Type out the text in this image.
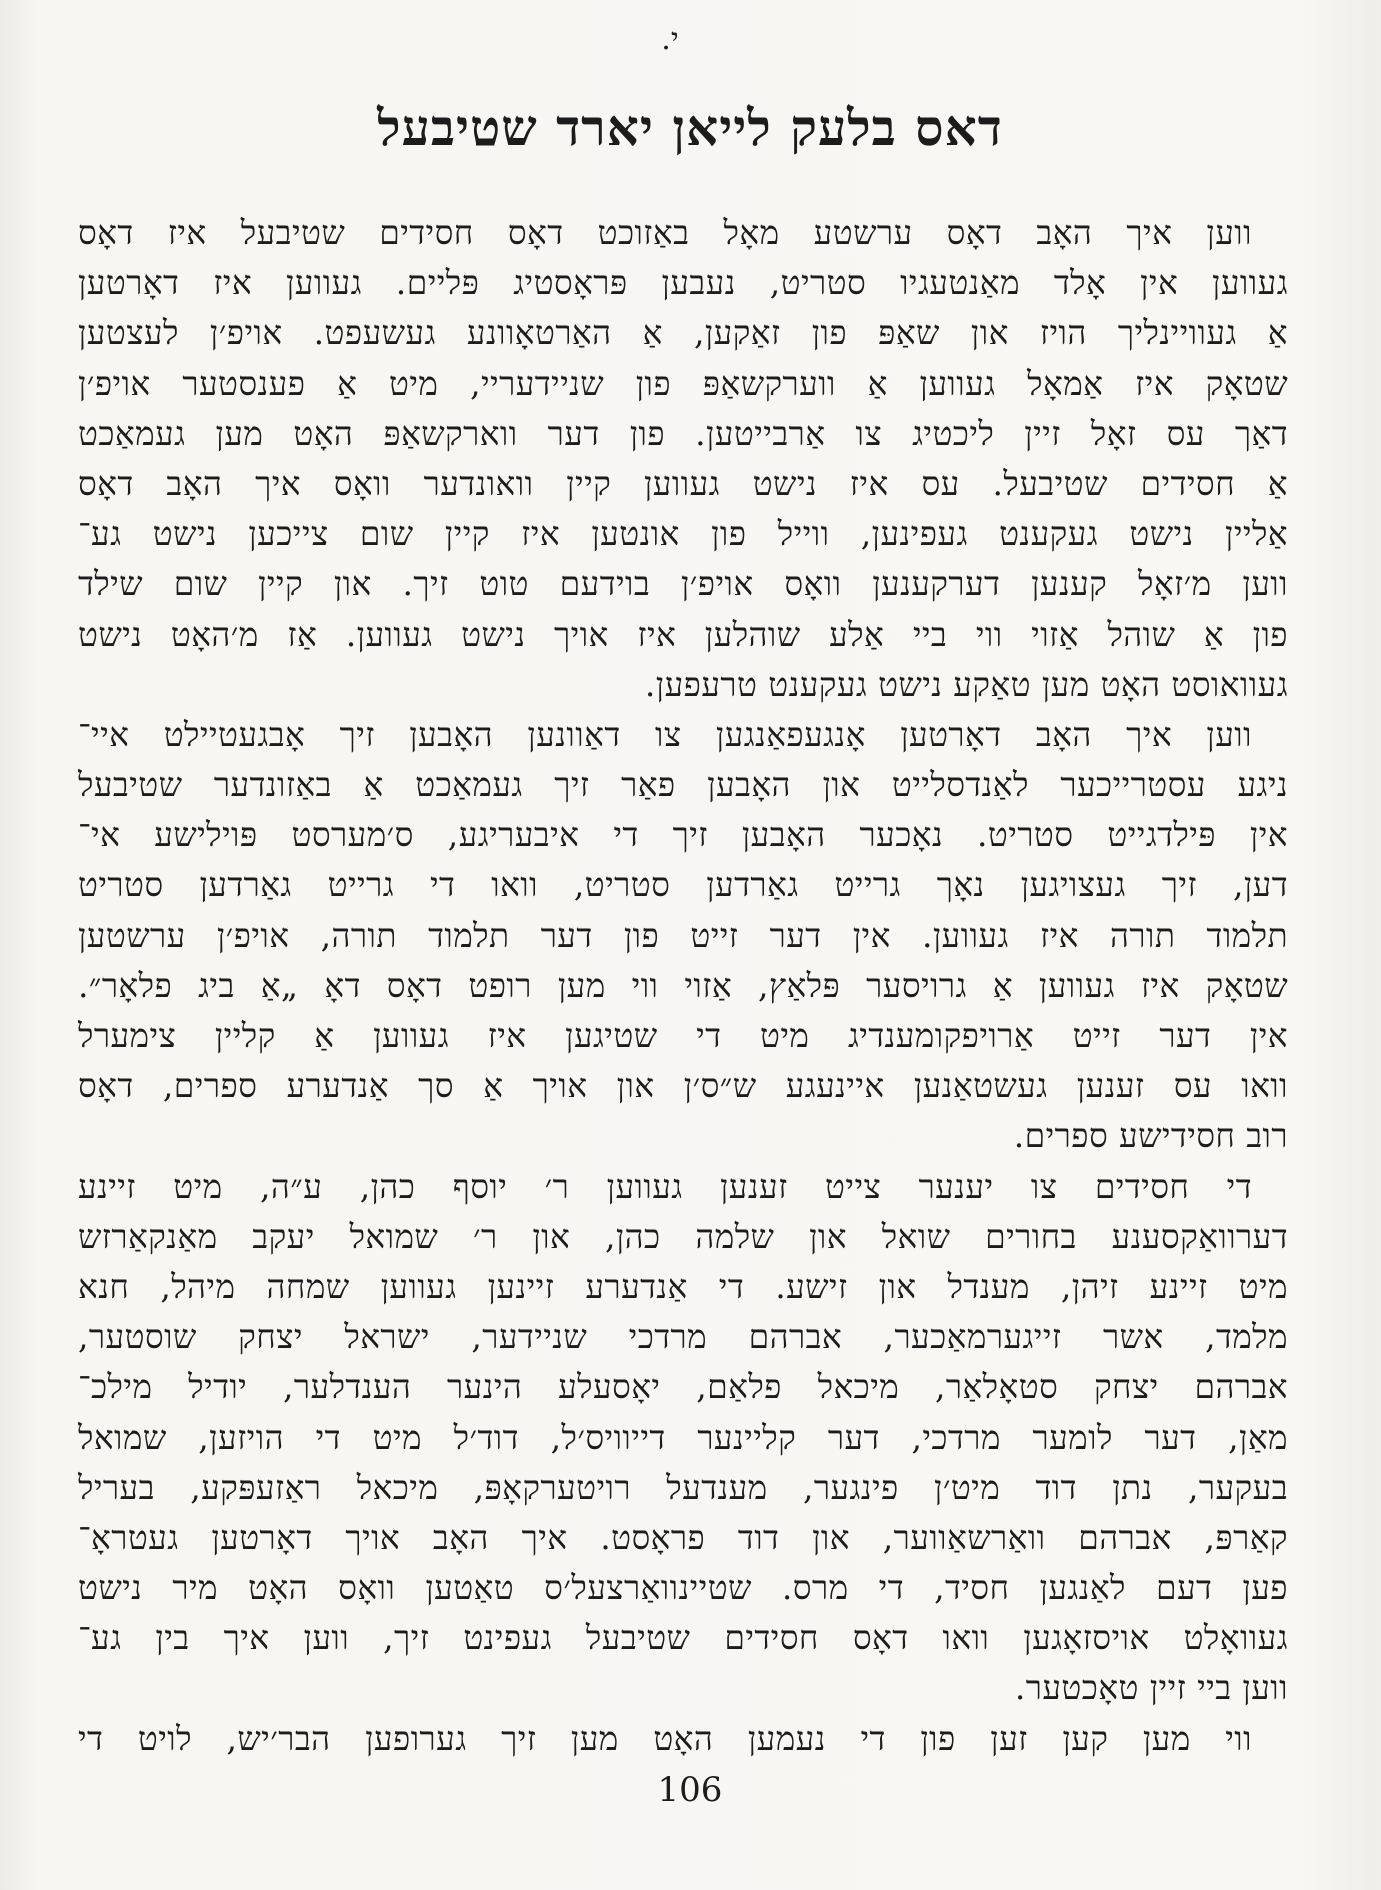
י.
דאס בלעק לייאן יארד שטיבעל
ווען איך האָב דאָס ערשטע מאָל באַזוכט דאָס חסידים שטיבעל איז דאָס
געווען אין אָלד מאַנטעגיו סטריט, נעבען פּראָסטיג פּליים. געווען איז דאָרטען
אַ געוויינליך הויז און שאַפּ פון זאַקען, אַ האַרטאָוונע געשעפט. אויפ׳ן לעצטען
שטאָק איז אַמאָל געווען אַ ווערקשאַפּ פון שניידעריי, מיט אַ פענסטער אויפ׳ן
דאַך עס זאָל זיין ליכטיג צו אַרבייטען. פון דער ווארקשאַפּ האָט מען געמאַכט
אַ חסידים שטיבעל. עס איז נישט געווען קיין וואונדער וואָס איך האָב דאָס
אַליין נישט געקענט געפינען, ווייל פון אונטען איז קיין שום צייכען נישט גע־
ווען מ׳זאָל קענען דערקענען וואָס אויפ׳ן בוידעם טוט זיך. און קיין שום שילד
פון אַ שוהל אַזוי ווי ביי אַלע שוהלען איז אויך נישט געווען. אַז מ׳האָט נישט
געוואוסט האָט מען טאַקע נישט געקענט טרעפען.
ווען איך האָב דאָרטען אָנגעפאַנגען צו דאַוונען האָבען זיך אָבגעטיילט איי־
ניגע עסטרייכער לאַנדסלייט און האָבען פאַר זיך געמאַכט אַ באַזונדער שטיבעל
אין פּילדגייט סטריט. נאָכער האָבען זיך די איבעריגע, ס׳מערסט פּוילישע אי־
דען, זיך געצויגען נאָך גרייט גאַרדען סטריט, וואו די גרייט גאַרדען סטריט
תלמוד תורה איז געווען. אין דער זייט פון דער תלמוד תורה, אויפ׳ן ערשטען
שטאָק איז געווען אַ גרויסער פּלאַץ, אַזוי ווי מען רופט דאָס דאָ „אַ ביג פלאָר״.
אין דער זייט אַרויפקומענדיג מיט די שטיגען איז געווען אַ קליין צימערל
וואו עס זענען געשטאַנען איינעגע ש״ס׳ן און אויך אַ סך אַנדערע ספרים, דאָס
רוב חסידישע ספרים.
די חסידים צו יענער צייט זענען געווען ר׳ יוסף כהן, ע״ה, מיט זיינע
דערוואַקסענע בחורים שואל און שלמה כהן, און ר׳ שמואל יעקב מאַנקאַרזש
מיט זיינע זיהן, מענדל און זישע. די אַנדערע זיינען געווען שמחה מיהל, חנא
מלמד, אשר זייגערמאַכער, אברהם מרדכי שניידער, ישראל יצחק שוסטער,
אברהם יצחק סטאָלאַר, מיכאל פלאַם, יאָסעלע הינער הענדלער, יודיל מילכ־
מאַן, דער לומער מרדכי, דער קליינער דייוויס׳ל, דוד׳ל מיט די הויזען, שמואל
בעקער, נתן דוד מיט׳ן פינגער, מענדעל רויטערקאָפּ, מיכאל ראַזעפּקע, בעריל
קאַרפּ, אברהם וואַרשאַווער, און דוד פראָסט. איך האָב אויך דאָרטען געטראָ־
פען דעם לאַנגען חסיד, די מרס. שטיינוואַרצעל׳ס טאַטען וואָס האָט מיר נישט
געוואָלט אויסזאָגען וואו דאָס חסידים שטיבעל געפינט זיך, ווען איך בין גע־
ווען ביי זיין טאָכטער.
ווי מען קען זען פון די נעמען האָט מען זיך גערופען הבר׳יש, לויט די
106
